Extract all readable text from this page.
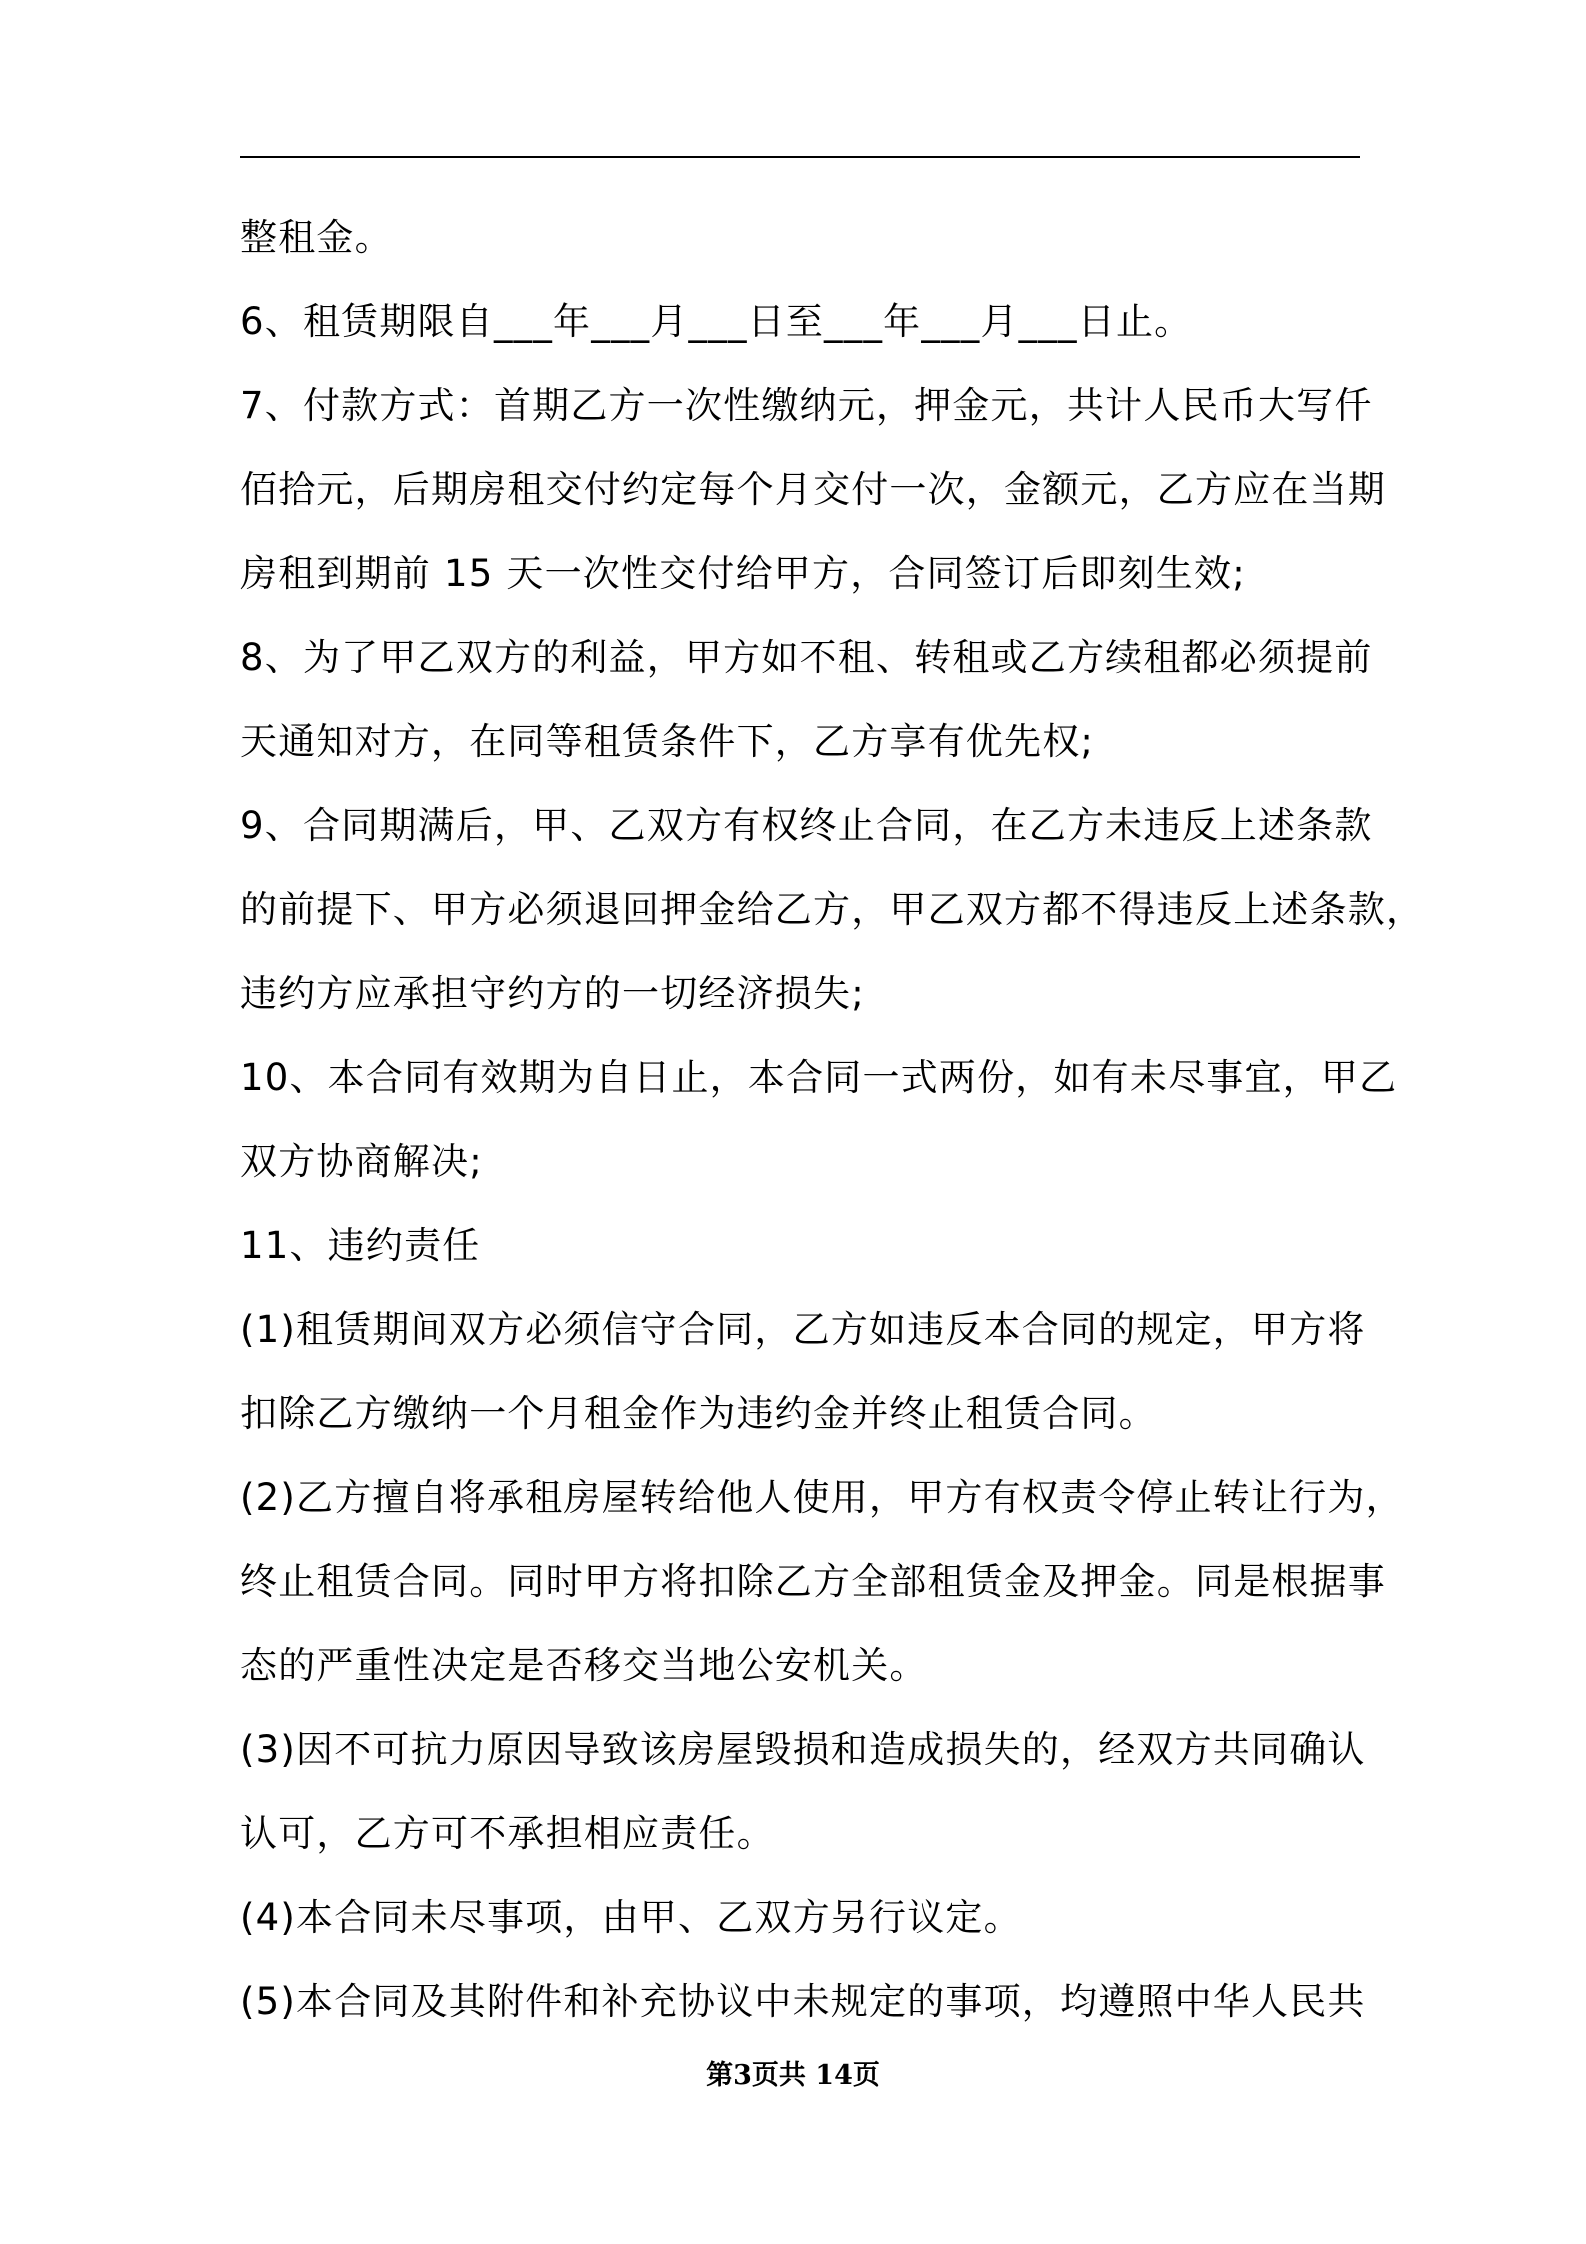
整租金。
6、租赁期限自___年___月___日至___年___月___日止。
7、付款方式：首期乙方一次性缴纳元，押金元，共计人民币大写仟
佰拾元，后期房租交付约定每个月交付一次，金额元，乙方应在当期
房租到期前 15 天一次性交付给甲方，合同签订后即刻生效;
8、为了甲乙双方的利益，甲方如不租、转租或乙方续租都必须提前
天通知对方，在同等租赁条件下，乙方享有优先权;
9、合同期满后，甲、乙双方有权终止合同，在乙方未违反上述条款
的前提下、甲方必须退回押金给乙方，甲乙双方都不得违反上述条款，
违约方应承担守约方的一切经济损失;
10、本合同有效期为自日止，本合同一式两份，如有未尽事宜，甲乙
双方协商解决;
11、违约责任
(1)租赁期间双方必须信守合同，乙方如违反本合同的规定，甲方将
扣除乙方缴纳一个月租金作为违约金并终止租赁合同。
(2)乙方擅自将承租房屋转给他人使用，甲方有权责令停止转让行为，
终止租赁合同。同时甲方将扣除乙方全部租赁金及押金。同是根据事
态的严重性决定是否移交当地公安机关。
(3)因不可抗力原因导致该房屋毁损和造成损失的，经双方共同确认
认可，乙方可不承担相应责任。
(4)本合同未尽事项，由甲、乙双方另行议定。
(5)本合同及其附件和补充协议中未规定的事项，均遵照中华人民共
第3页共 14页
